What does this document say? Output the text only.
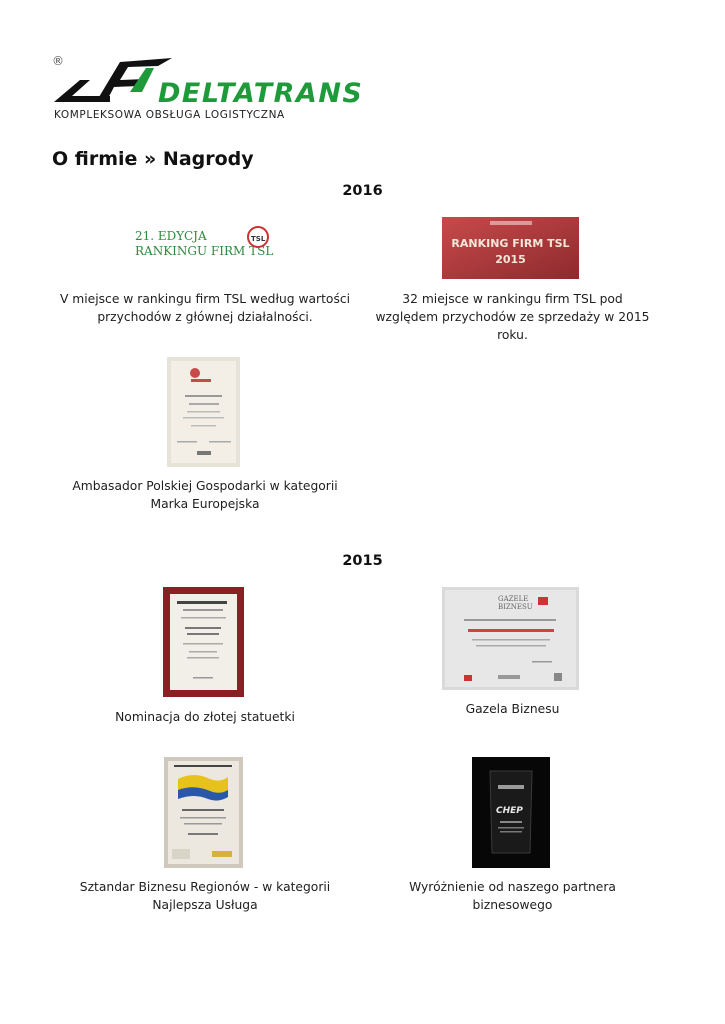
®
DELTATRANS
KOMPLEKSOWA OBSŁUGA LOGISTYCZNA
O firmie » Nagrody
2016
21. EDYCJA
RANKINGU FIRM TSL
TSL
V miejsce w rankingu firm TSL według wartości przychodów z głównej działalności.
RANKING FIRM TSL
2015
32 miejsce w rankingu firm TSL pod względem przychodów ze sprzedaży w 2015 roku.
Ambasador Polskiej Gospodarki w kategorii Marka Europejska
2015
Nominacja do złotej statuetki
GAZELE
BIZNESU
Gazela Biznesu
Sztandar Biznesu Regionów - w kategorii Najlepsza Usługa
CHEP
Wyróżnienie od naszego partnera biznesowego
